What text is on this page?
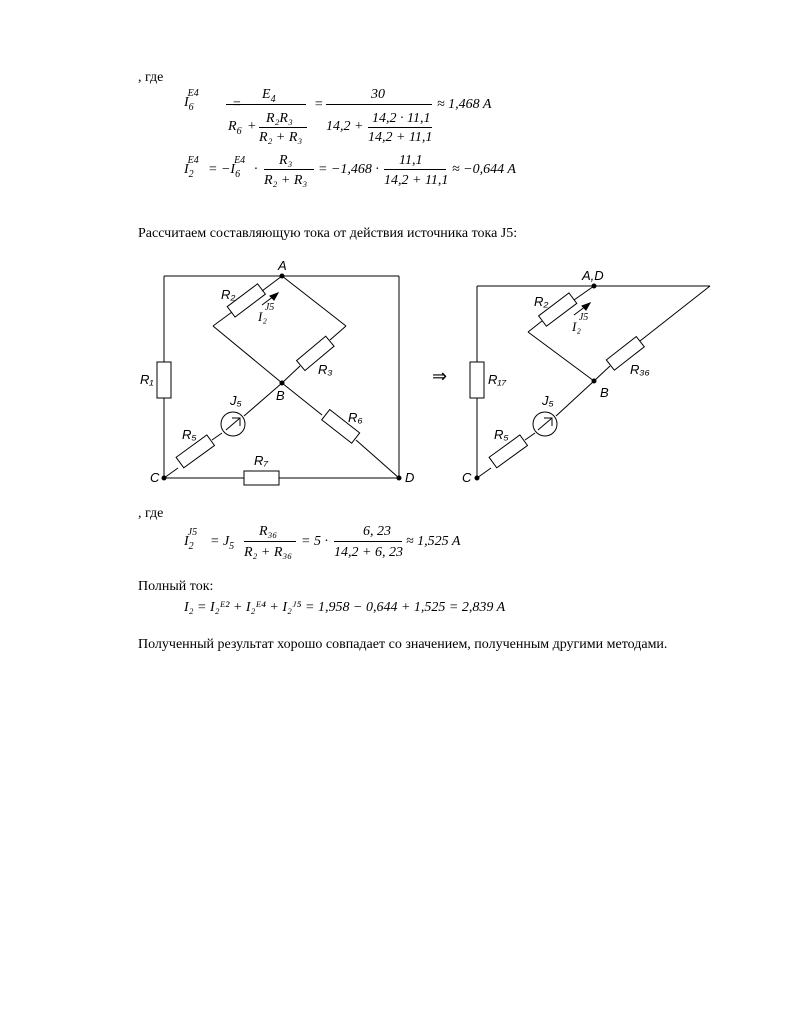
, где
$I_6^{E4}$
=
$E_4$
$R_6$ +
R₂R₃
R₂ + R₃
=
30
14,2 +
14,2 · 11,1
14,2 + 11,1
≈ 1,468 A
$I_2^{E4}$
= $-I_6^{E4}$
·
R₃
R₂ + R₃
= −1,468 ·
11,1
14,2 + 11,1
≈ −0,644 A
Рассчитаем составляющую тока от действия источника тока J5:
A
B
C	D
R₁
R₂
R₃
R₅
R₆
R₇
J₅
I₂$^{J5}$
⇒
A,D
B
C
R₁₇
R₂
R₃₆
R₅
J₅
I₂$^{J5}$
, где
$I_2^{J5}$
= $J_5$
R₃₆
R₂ + R₃₆
= 5 ·
6, 23
14,2 + 6, 23
≈ 1,525 A
Полный ток:
I₂ = I₂ᴱ² + I₂ᴱ⁴ + I₂ᴶ⁵ = 1,958 − 0,644 + 1,525 = 2,839 A
Полученный результат хорошо совпадает со значением, полученным другими методами.
